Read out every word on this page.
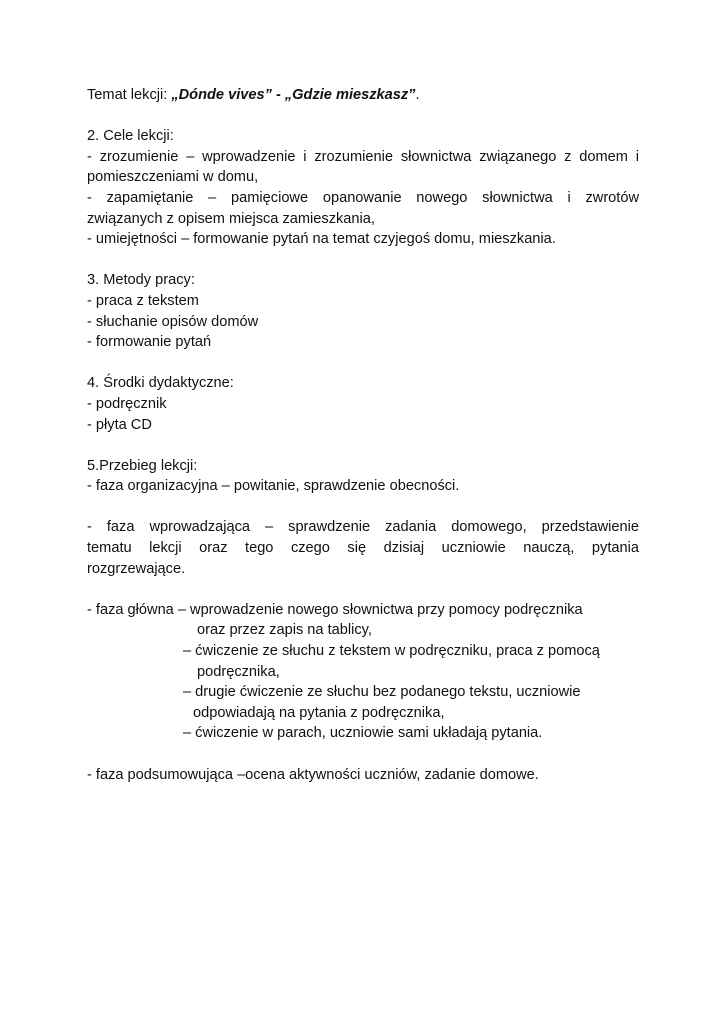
Temat lekcji: „Dónde vives” - „Gdzie mieszkasz”.
2. Cele lekcji:
- zrozumienie – wprowadzenie i zrozumienie słownictwa związanego z domem i
pomieszczeniami w domu,
- zapamiętanie – pamięciowe opanowanie nowego słownictwa i zwrotów
związanych z opisem miejsca zamieszkania,
- umiejętności – formowanie pytań na temat czyjegoś domu, mieszkania.
3. Metody pracy:
- praca z tekstem
- słuchanie opisów domów
- formowanie pytań
4. Środki dydaktyczne:
- podręcznik
- płyta CD
5.Przebieg lekcji:
- faza organizacyjna – powitanie, sprawdzenie obecności.
- faza wprowadzająca – sprawdzenie zadania domowego, przedstawienie
tematu lekcji oraz tego czego się dzisiaj uczniowie nauczą, pytania
rozgrzewające.
- faza główna – wprowadzenie nowego słownictwa przy pomocy podręcznika
oraz przez zapis na tablicy,
– ćwiczenie ze słuchu z tekstem w podręczniku, praca z pomocą
podręcznika,
– drugie ćwiczenie ze słuchu bez podanego tekstu, uczniowie
odpowiadają na pytania z podręcznika,
– ćwiczenie w parach, uczniowie sami układają pytania.
- faza podsumowująca –ocena aktywności uczniów, zadanie domowe.
